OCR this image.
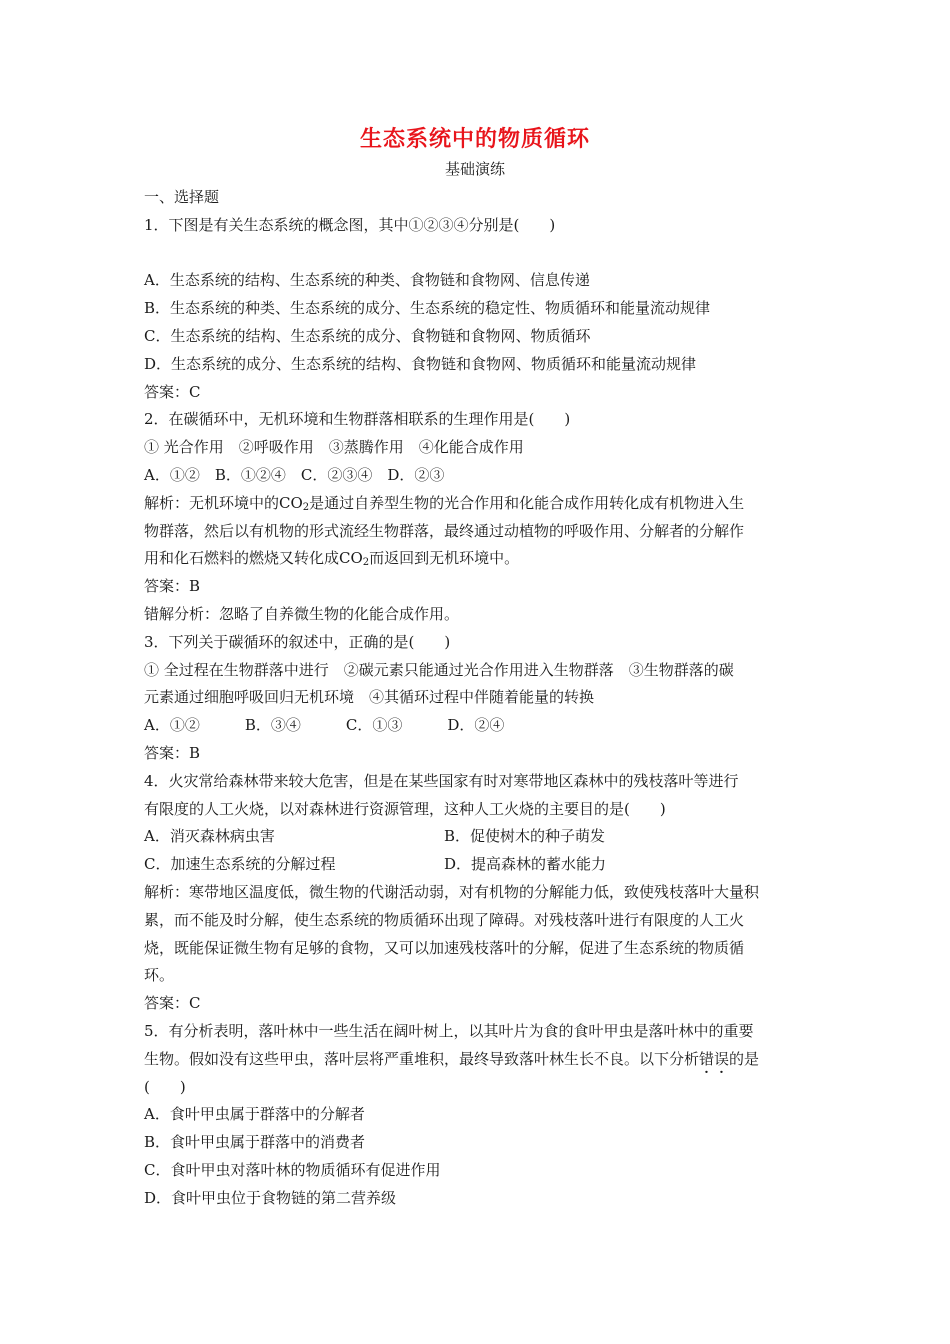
生态系统中的物质循环
基础演练
一、选择题
1．下图是有关生态系统的概念图，其中①②③④分别是(　　)
A．生态系统的结构、生态系统的种类、食物链和食物网、信息传递
B．生态系统的种类、生态系统的成分、生态系统的稳定性、物质循环和能量流动规律
C．生态系统的结构、生态系统的成分、食物链和食物网、物质循环
D．生态系统的成分、生态系统的结构、食物链和食物网、物质循环和能量流动规律
答案：C
2．在碳循环中，无机环境和生物群落相联系的生理作用是(　　)
① 光合作用　②呼吸作用　③蒸腾作用　④化能合成作用
A．①②　B．①②④　C．②③④　D．②③
解析：无机环境中的$CO_2$是通过自养型生物的光合作用和化能合成作用转化成有机物进入生
物群落，然后以有机物的形式流经生物群落，最终通过动植物的呼吸作用、分解者的分解作
用和化石燃料的燃烧又转化成$CO_2$而返回到无机环境中。
答案：B
错解分析：忽略了自养微生物的化能合成作用。
3．下列关于碳循环的叙述中，正确的是(　　)
① 全过程在生物群落中进行　②碳元素只能通过光合作用进入生物群落　③生物群落的碳
元素通过细胞呼吸回归无机环境　④其循环过程中伴随着能量的转换
A．①②　　　B．③④　　　C．①③　　　D．②④
答案：B
4．火灾常给森林带来较大危害，但是在某些国家有时对寒带地区森林中的残枝落叶等进行
有限度的人工火烧，以对森林进行资源管理，这种人工火烧的主要目的是(　　)
A．消灭森林病虫害	B．促使树木的种子萌发
C．加速生态系统的分解过程	D．提高森林的蓄水能力
解析：寒带地区温度低，微生物的代谢活动弱，对有机物的分解能力低，致使残枝落叶大量积
累，而不能及时分解，使生态系统的物质循环出现了障碍。对残枝落叶进行有限度的人工火
烧，既能保证微生物有足够的食物，又可以加速残枝落叶的分解，促进了生态系统的物质循
环。
答案：C
5．有分析表明，落叶林中一些生活在阔叶树上，以其叶片为食的食叶甲虫是落叶林中的重要
生物。假如没有这些甲虫，落叶层将严重堆积，最终导致落叶林生长不良。以下分析错误的是
(　　)
A．食叶甲虫属于群落中的分解者
B．食叶甲虫属于群落中的消费者
C．食叶甲虫对落叶林的物质循环有促进作用
D．食叶甲虫位于食物链的第二营养级
